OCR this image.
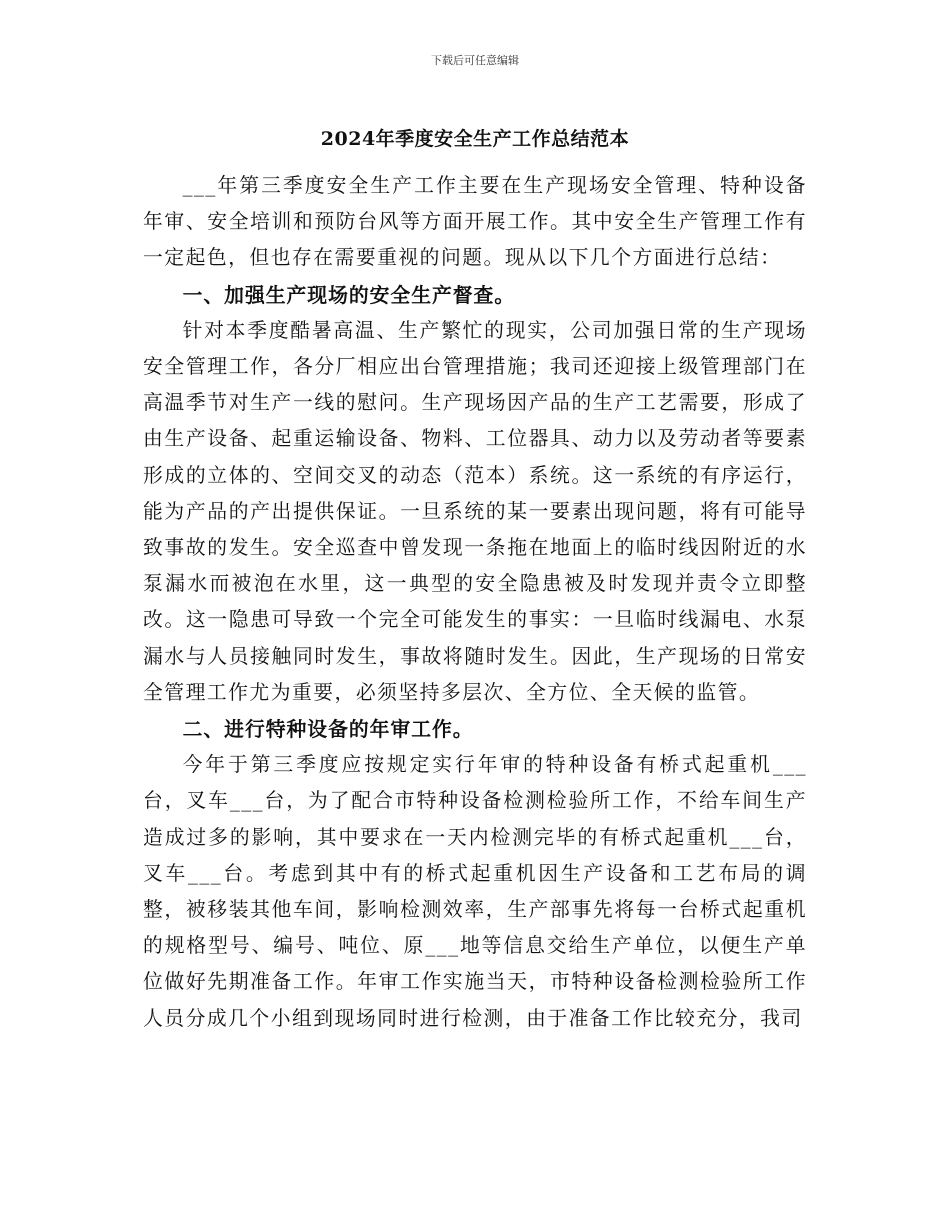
下载后可任意编辑
2024年季度安全生产工作总结范本

___年第三季度安全生产工作主要在生产现场安全管理、特种设备年审、安全培训和预防台风等方面开展工作。其中安全生产管理工作有一定起色，但也存在需要重视的问题。现从以下几个方面进行总结：

一、加强生产现场的安全生产督查。

针对本季度酷暑高温、生产繁忙的现实，公司加强日常的生产现场安全管理工作，各分厂相应出台管理措施；我司还迎接上级管理部门在高温季节对生产一线的慰问。生产现场因产品的生产工艺需要，形成了由生产设备、起重运输设备、物料、工位器具、动力以及劳动者等要素形成的立体的、空间交叉的动态（范本）系统。这一系统的有序运行，能为产品的产出提供保证。一旦系统的某一要素出现问题，将有可能导致事故的发生。安全巡查中曾发现一条拖在地面上的临时线因附近的水泵漏水而被泡在水里，这一典型的安全隐患被及时发现并责令立即整改。这一隐患可导致一个完全可能发生的事实：一旦临时线漏电、水泵漏水与人员接触同时发生，事故将随时发生。因此，生产现场的日常安全管理工作尤为重要，必须坚持多层次、全方位、全天候的监管。

二、进行特种设备的年审工作。

今年于第三季度应按规定实行年审的特种设备有桥式起重机___台，叉车___台，为了配合市特种设备检测检验所工作，不给车间生产造成过多的影响，其中要求在一天内检测完毕的有桥式起重机___台，叉车___台。考虑到其中有的桥式起重机因生产设备和工艺布局的调整，被移装其他车间，影响检测效率，生产部事先将每一台桥式起重机的规格型号、编号、吨位、原___地等信息交给生产单位，以便生产单位做好先期准备工作。年审工作实施当天，市特种设备检测检验所工作人员分成几个小组到现场同时进行检测，由于准备工作比较充分，我司
